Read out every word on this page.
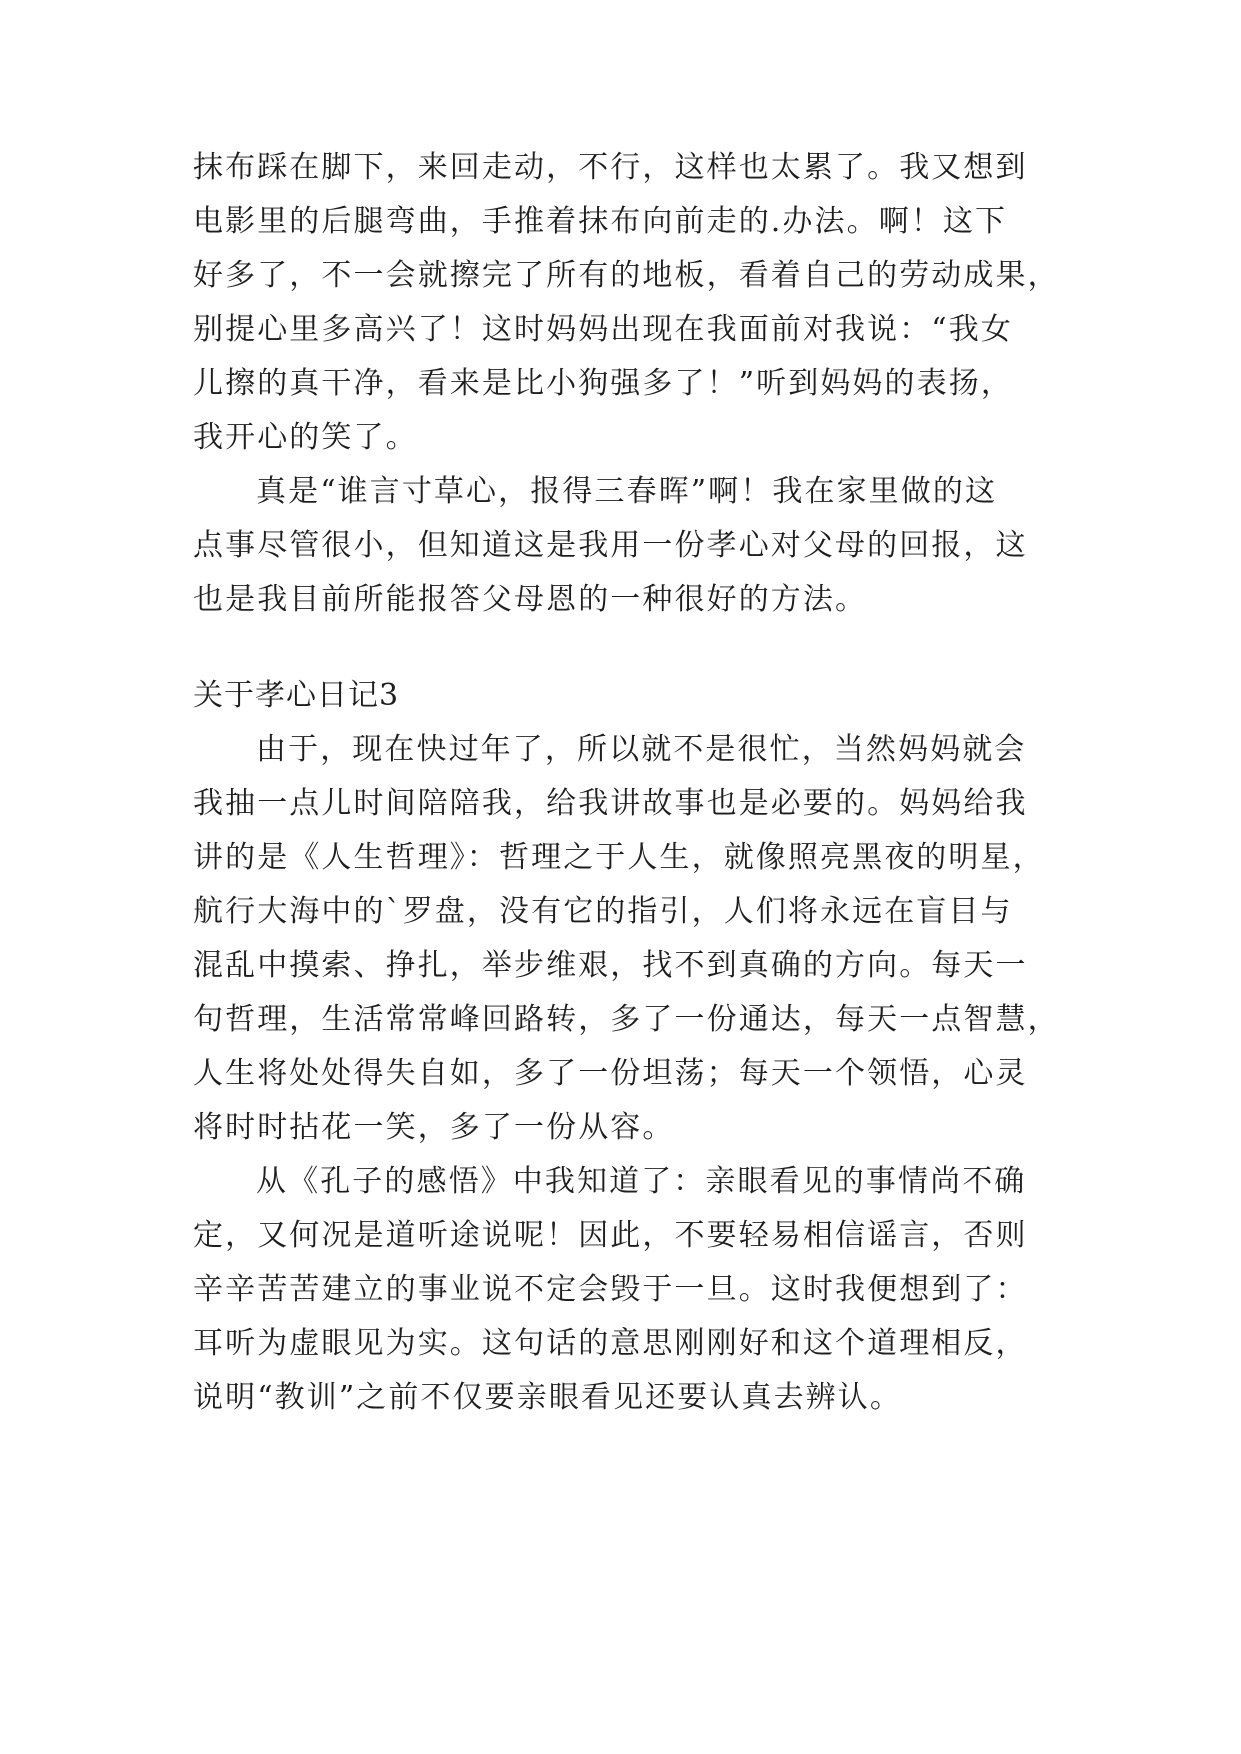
抹布踩在脚下，来回走动，不行，这样也太累了。我又想到
电影里的后腿弯曲，手推着抹布向前走的.办法。啊！这下
好多了，不一会就擦完了所有的地板，看着自己的劳动成果，
别提心里多高兴了！这时妈妈出现在我面前对我说：“我女
儿擦的真干净，看来是比小狗强多了！”听到妈妈的表扬，
我开心的笑了。
真是“谁言寸草心，报得三春晖”啊！我在家里做的这
点事尽管很小，但知道这是我用一份孝心对父母的回报，这
也是我目前所能报答父母恩的一种很好的方法。
关于孝心日记3
由于，现在快过年了，所以就不是很忙，当然妈妈就会
我抽一点儿时间陪陪我，给我讲故事也是必要的。妈妈给我
讲的是《人生哲理》：哲理之于人生，就像照亮黑夜的明星，
航行大海中的`罗盘，没有它的指引，人们将永远在盲目与
混乱中摸索、挣扎，举步维艰，找不到真确的方向。每天一
句哲理，生活常常峰回路转，多了一份通达，每天一点智慧，
人生将处处得失自如，多了一份坦荡；每天一个领悟，心灵
将时时拈花一笑，多了一份从容。
从《孔子的感悟》中我知道了：亲眼看见的事情尚不确
定，又何况是道听途说呢！因此，不要轻易相信谣言，否则
辛辛苦苦建立的事业说不定会毁于一旦。这时我便想到了：
耳听为虚眼见为实。这句话的意思刚刚好和这个道理相反，
说明“教训”之前不仅要亲眼看见还要认真去辨认。
